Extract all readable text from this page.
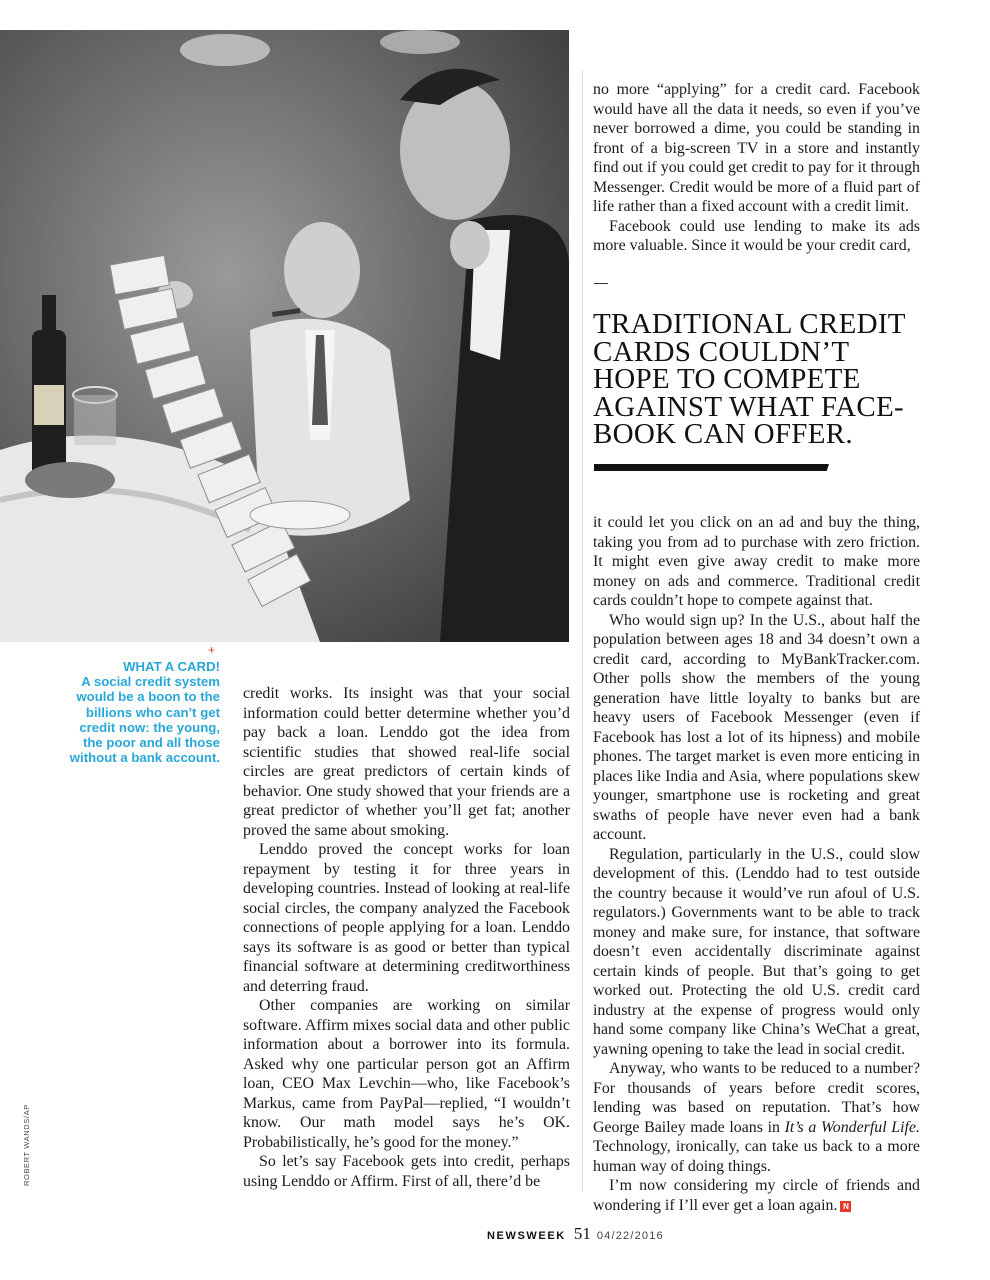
+
WHAT A CARD!
A social credit system would be a boon to the billions who can’t get credit now: the young, the poor and all those without a bank account.
ROBERT WANDS/AP

credit works. Its insight was that your social information could better determine whether you’d pay back a loan. Lenddo got the idea from scientific studies that showed real-life social circles are great predictors of certain kinds of behavior. One study showed that your friends are a great predictor of whether you’ll get fat; another proved the same about smoking.

Lenddo proved the concept works for loan repayment by testing it for three years in developing countries. Instead of looking at real-life social circles, the company analyzed the Facebook connections of people applying for a loan. Lenddo says its software is as good or better than typical financial software at determining creditworthiness and deterring fraud.

Other companies are working on similar software. Affirm mixes social data and other public information about a borrower into its formula. Asked why one particular person got an Affirm loan, CEO Max Levchin—who, like Facebook’s Markus, came from PayPal—replied, “I wouldn’t know. Our math model says he’s OK. Probabilistically, he’s good for the money.”

So let’s say Facebook gets into credit, perhaps using Lenddo or Affirm. First of all, there’d be

no more “applying” for a credit card. Facebook would have all the data it needs, so even if you’ve never borrowed a dime, you could be standing in front of a big-screen TV in a store and instantly find out if you could get credit to pay for it through Messenger. Credit would be more of a fluid part of life rather than a fixed account with a credit limit.

Facebook could use lending to make its ads more valuable. Since it would be your credit card,

TRADITIONAL CREDIT CARDS COULDN’T HOPE TO COMPETE AGAINST WHAT FACE-BOOK CAN OFFER.

it could let you click on an ad and buy the thing, taking you from ad to purchase with zero friction. It might even give away credit to make more money on ads and commerce. Traditional credit cards couldn’t hope to compete against that.

Who would sign up? In the U.S., about half the population between ages 18 and 34 doesn’t own a credit card, according to MyBankTracker.com. Other polls show the members of the young generation have little loyalty to banks but are heavy users of Facebook Messenger (even if Facebook has lost a lot of its hipness) and mobile phones. The target market is even more enticing in places like India and Asia, where populations skew younger, smartphone use is rocketing and great swaths of people have never even had a bank account.

Regulation, particularly in the U.S., could slow development of this. (Lenddo had to test outside the country because it would’ve run afoul of U.S. regulators.) Governments want to be able to track money and make sure, for instance, that software doesn’t even accidentally discriminate against certain kinds of people. But that’s going to get worked out. Protecting the old U.S. credit card industry at the expense of progress would only hand some company like China’s WeChat a great, yawning opening to take the lead in social credit.

Anyway, who wants to be reduced to a number? For thousands of years before credit scores, lending was based on reputation. That’s how George Bailey made loans in It’s a Wonderful Life. Technology, ironically, can take us back to a more human way of doing things.

I’m now considering my circle of friends and wondering if I’ll ever get a loan again. N

NEWSWEEK 51 04/22/2016
